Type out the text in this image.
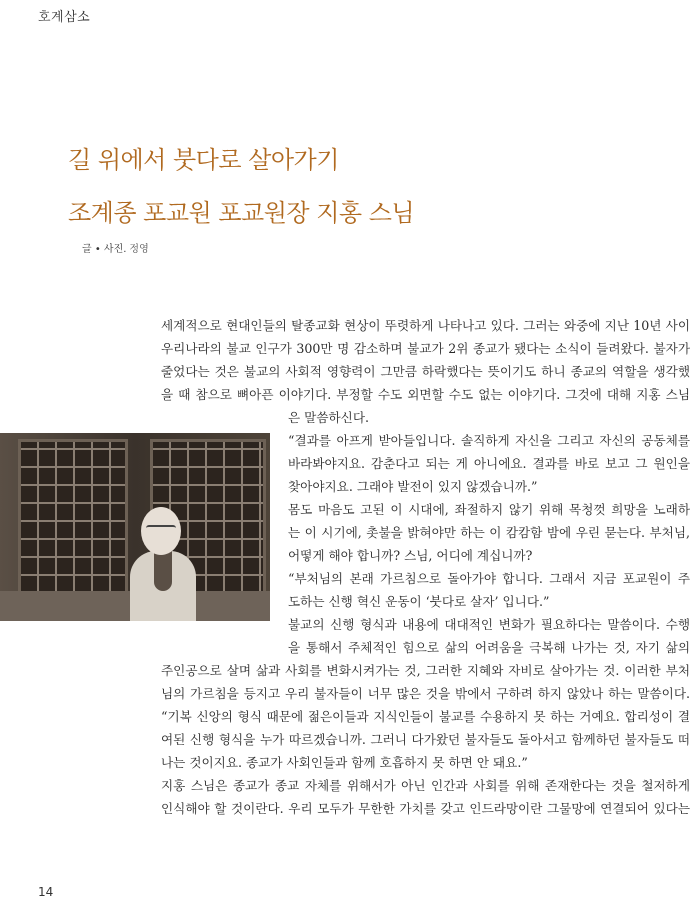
호계삼소
길 위에서 붓다로 살아가기
조계종 포교원 포교원장 지홍 스님
글 • 사진. 정영

세계적으로 현대인들의 탈종교화 현상이 뚜렷하게 나타나고 있다. 그러는 와중에 지난 10년 사이

우리나라의 불교 인구가 300만 명 감소하며 불교가 2위 종교가 됐다는 소식이 들려왔다. 불자가

줄었다는 것은 불교의 사회적 영향력이 그만큼 하락했다는 뜻이기도 하니 종교의 역할을 생각했

을 때 참으로 뼈아픈 이야기다. 부정할 수도 외면할 수도 없는 이야기다. 그것에 대해 지홍 스님

은 말씀하신다.

“결과를 아프게 받아들입니다. 솔직하게 자신을 그리고 자신의 공동체를

바라봐야지요. 감춘다고 되는 게 아니에요. 결과를 바로 보고 그 원인을

찾아야지요. 그래야 발전이 있지 않겠습니까.”

몸도 마음도 고된 이 시대에, 좌절하지 않기 위해 목청껏 희망을 노래하

는 이 시기에, 촛불을 밝혀야만 하는 이 캄캄함 밤에 우린 묻는다. 부처님,

어떻게 해야 합니까? 스님, 어디에 계십니까?

“부처님의 본래 가르침으로 돌아가야 합니다. 그래서 지금 포교원이 주

도하는 신행 혁신 운동이 ‘붓다로 살자’ 입니다.”

불교의 신행 형식과 내용에 대대적인 변화가 필요하다는 말씀이다. 수행

을 통해서 주체적인 힘으로 삶의 어려움을 극복해 나가는 것, 자기 삶의

주인공으로 살며 삶과 사회를 변화시켜가는 것, 그러한 지혜와 자비로 살아가는 것. 이러한 부처

님의 가르침을 등지고 우리 불자들이 너무 많은 것을 밖에서 구하려 하지 않았나 하는 말씀이다.

“기복 신앙의 형식 때문에 젊은이들과 지식인들이 불교를 수용하지 못 하는 거예요. 합리성이 결

여된 신행 형식을 누가 따르겠습니까. 그러니 다가왔던 불자들도 돌아서고 함께하던 불자들도 떠

나는 것이지요. 종교가 사회인들과 함께 호흡하지 못 하면 안 돼요.”

지홍 스님은 종교가 종교 자체를 위해서가 아닌 인간과 사회를 위해 존재한다는 것을 철저하게

인식해야 할 것이란다. 우리 모두가 무한한 가치를 갖고 인드라망이란 그물망에 연결되어 있다는

14
